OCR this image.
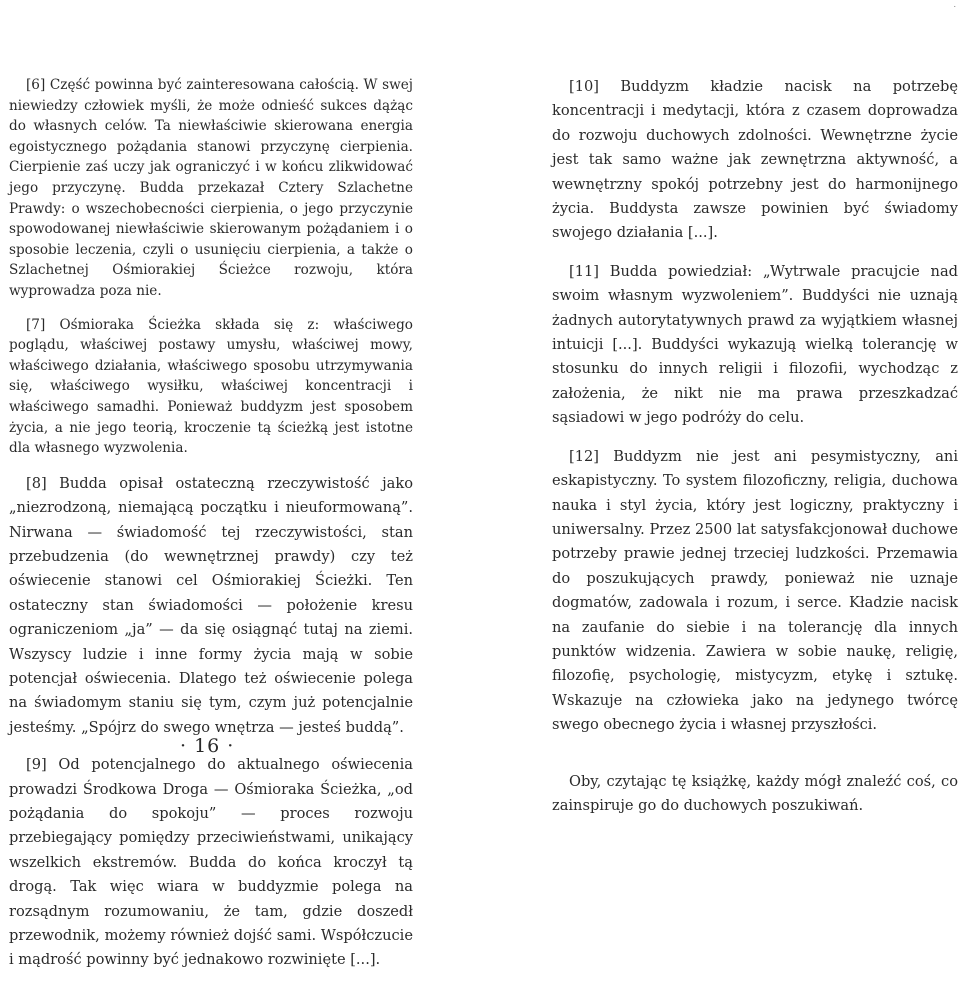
.

[6] Część powinna być zainteresowana całością. W swej niewiedzy człowiek myśli, że może odnieść sukces dążąc do własnych celów. Ta niewłaściwie skierowana energia egoistycznego pożądania stanowi przyczynę cierpienia. Cierpienie zaś uczy jak ograniczyć i w końcu zlikwidować jego przyczynę. Budda przekazał Cztery Szlachetne Prawdy: o wszechobecności cierpienia, o jego przyczynie spowodowanej niewłaściwie skierowanym pożądaniem i o sposobie leczenia, czyli o usunięciu cierpienia, a także o Szlachetnej Ośmiorakiej Ścieżce rozwoju, która wyprowadza poza nie.

[7] Ośmioraka Ścieżka składa się z: właściwego poglądu, właściwej postawy umysłu, właściwej mowy, właściwego działania, właściwego sposobu utrzymywania się, właściwego wysiłku, właściwej koncentracji i właściwego samadhi. Ponieważ buddyzm jest sposobem życia, a nie jego teorią, kroczenie tą ścieżką jest istotne dla własnego wyzwolenia.

[8] Budda opisał ostateczną rzeczywistość jako „niezrodzoną, niemającą początku i nieuformowaną”. Nirwana — świadomość tej rzeczywistości, stan przebudzenia (do wewnętrznej prawdy) czy też oświecenie stanowi cel Ośmiorakiej Ścieżki. Ten ostateczny stan świadomości — położenie kresu ograniczeniom „ja” — da się osiągnąć tutaj na ziemi. Wszyscy ludzie i inne formy życia mają w sobie potencjał oświecenia. Dlatego też oświecenie polega na świadomym staniu się tym, czym już potencjalnie jesteśmy. „Spójrz do swego wnętrza — jesteś buddą”.

[9] Od potencjalnego do aktualnego oświecenia prowadzi Środkowa Droga — Ośmioraka Ścieżka, „od pożądania do spokoju” — proces rozwoju przebiegający pomiędzy przeciwieństwami, unikający wszelkich ekstremów. Budda do końca kroczył tą drogą. Tak więc wiara w buddyzmie polega na rozsądnym rozumowaniu, że tam, gdzie doszedł przewodnik, możemy również dojść sami. Współczucie i mądrość powinny być jednakowo rozwinięte [...].

[10] Buddyzm kładzie nacisk na potrzebę koncentracji i medytacji, która z czasem doprowadza do rozwoju duchowych zdolności. Wewnętrzne życie jest tak samo ważne jak zewnętrzna aktywność, a wewnętrzny spokój potrzebny jest do harmonijnego życia. Buddysta zawsze powinien być świadomy swojego działania [...].

[11] Budda powiedział: „Wytrwale pracujcie nad swoim własnym wyzwoleniem”. Buddyści nie uznają żadnych autorytatywnych prawd za wyjątkiem własnej intuicji [...]. Buddyści wykazują wielką tolerancję w stosunku do innych religii i filozofii, wychodząc z założenia, że nikt nie ma prawa przeszkadzać sąsiadowi w jego podróży do celu.

[12] Buddyzm nie jest ani pesymistyczny, ani eskapistyczny. To system filozoficzny, religia, duchowa nauka i styl życia, który jest logiczny, praktyczny i uniwersalny. Przez 2500 lat satysfakcjonował duchowe potrzeby prawie jednej trzeciej ludzkości. Przemawia do poszukujących prawdy, ponieważ nie uznaje dogmatów, zadowala i rozum, i serce. Kładzie nacisk na zaufanie do siebie i na tolerancję dla innych punktów widzenia. Zawiera w sobie naukę, religię, filozofię, psychologię, mistycyzm, etykę i sztukę. Wskazuje na człowieka jako na jedynego twórcę swego obecnego życia i własnej przyszłości.

Oby, czytając tę książkę, każdy mógł znaleźć coś, co zainspiruje go do duchowych poszukiwań.

· 16 ·
